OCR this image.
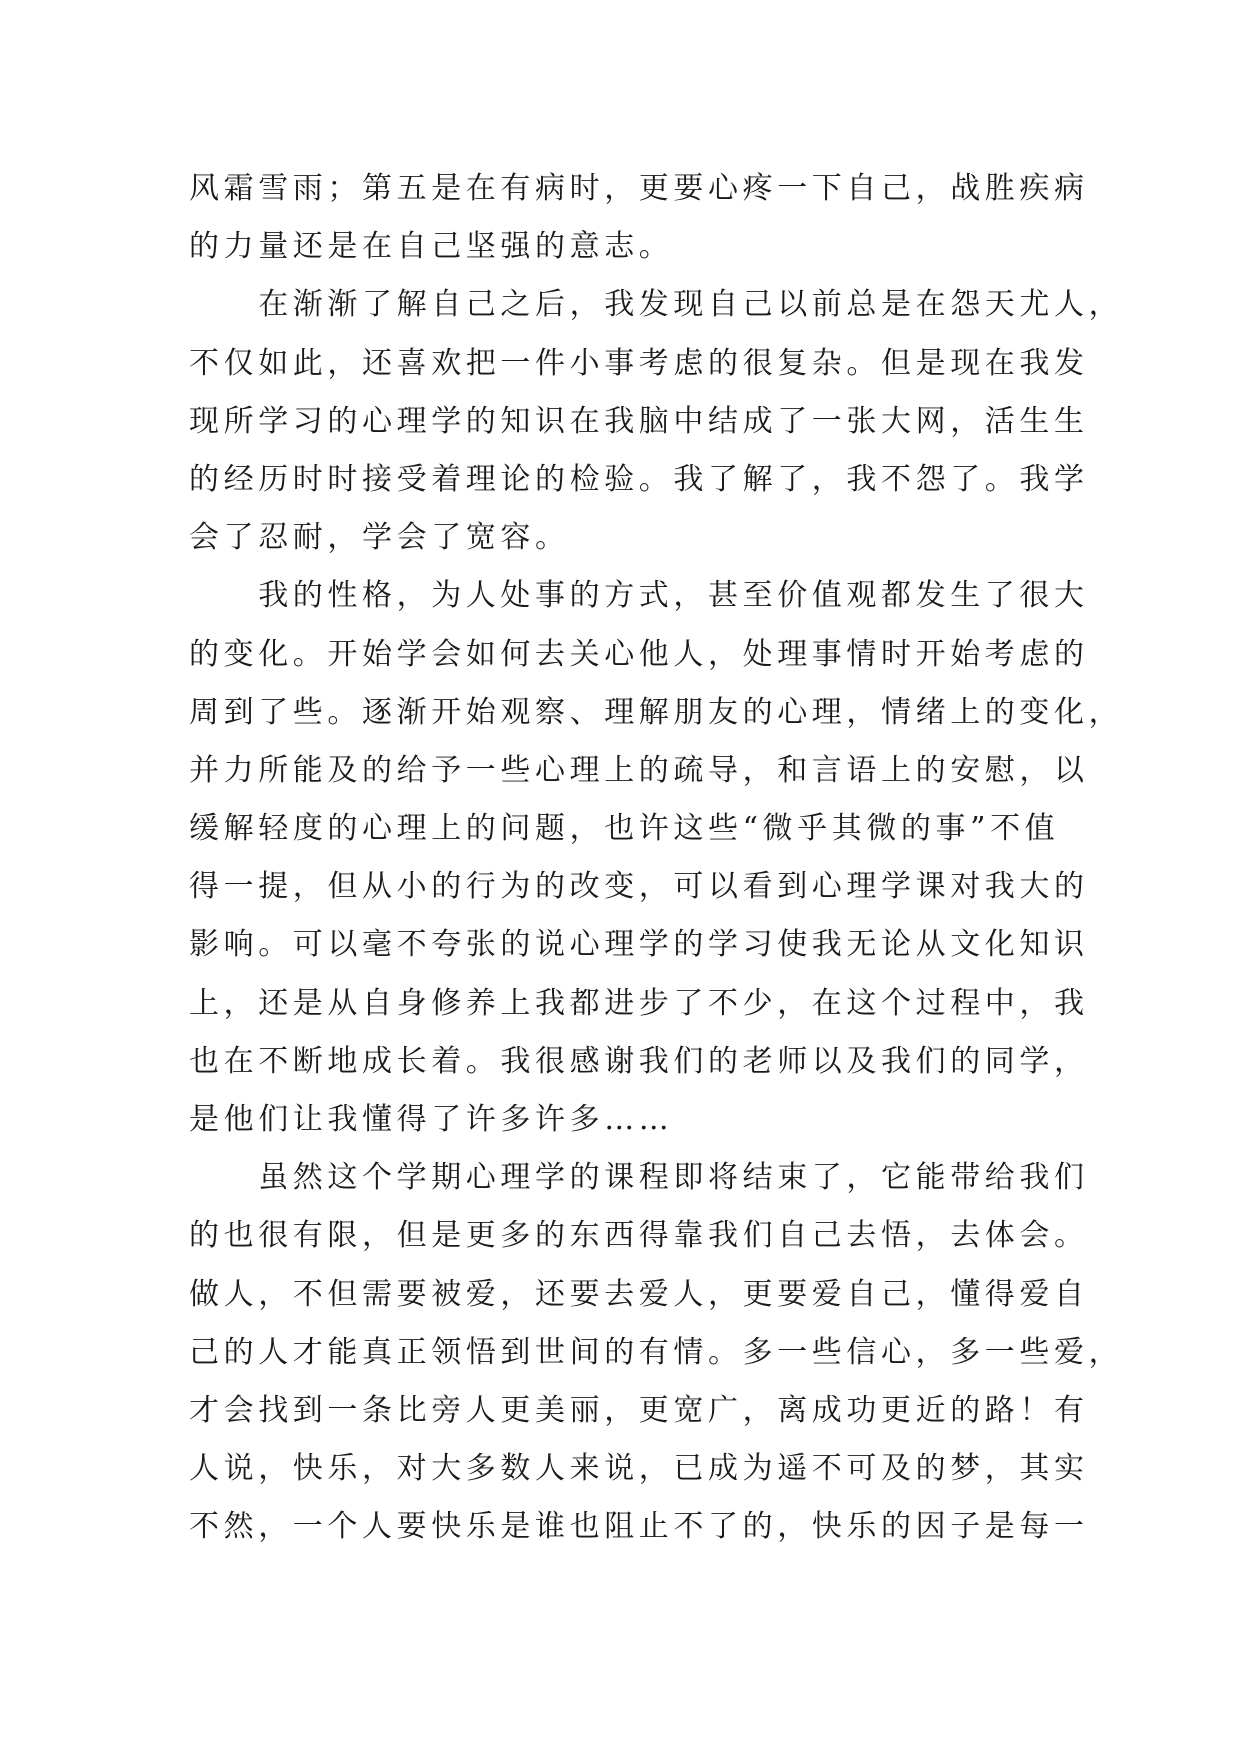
风霜雪雨；第五是在有病时，更要心疼一下自己，战胜疾病
的力量还是在自己坚强的意志。
　　在渐渐了解自己之后，我发现自己以前总是在怨天尤人，
不仅如此，还喜欢把一件小事考虑的很复杂。但是现在我发
现所学习的心理学的知识在我脑中结成了一张大网，活生生
的经历时时接受着理论的检验。我了解了，我不怨了。我学
会了忍耐，学会了宽容。
　　我的性格，为人处事的方式，甚至价值观都发生了很大
的变化。开始学会如何去关心他人，处理事情时开始考虑的
周到了些。逐渐开始观察、理解朋友的心理，情绪上的变化，
并力所能及的给予一些心理上的疏导，和言语上的安慰，以
缓解轻度的心理上的问题，也许这些“微乎其微的事”不值
得一提，但从小的行为的改变，可以看到心理学课对我大的
影响。可以毫不夸张的说心理学的学习使我无论从文化知识
上，还是从自身修养上我都进步了不少，在这个过程中，我
也在不断地成长着。我很感谢我们的老师以及我们的同学，
是他们让我懂得了许多许多……
　　虽然这个学期心理学的课程即将结束了，它能带给我们
的也很有限，但是更多的东西得靠我们自己去悟，去体会。
做人，不但需要被爱，还要去爱人，更要爱自己，懂得爱自
己的人才能真正领悟到世间的有情。多一些信心，多一些爱，
才会找到一条比旁人更美丽，更宽广，离成功更近的路！有
人说，快乐，对大多数人来说，已成为遥不可及的梦，其实
不然，一个人要快乐是谁也阻止不了的，快乐的因子是每一
